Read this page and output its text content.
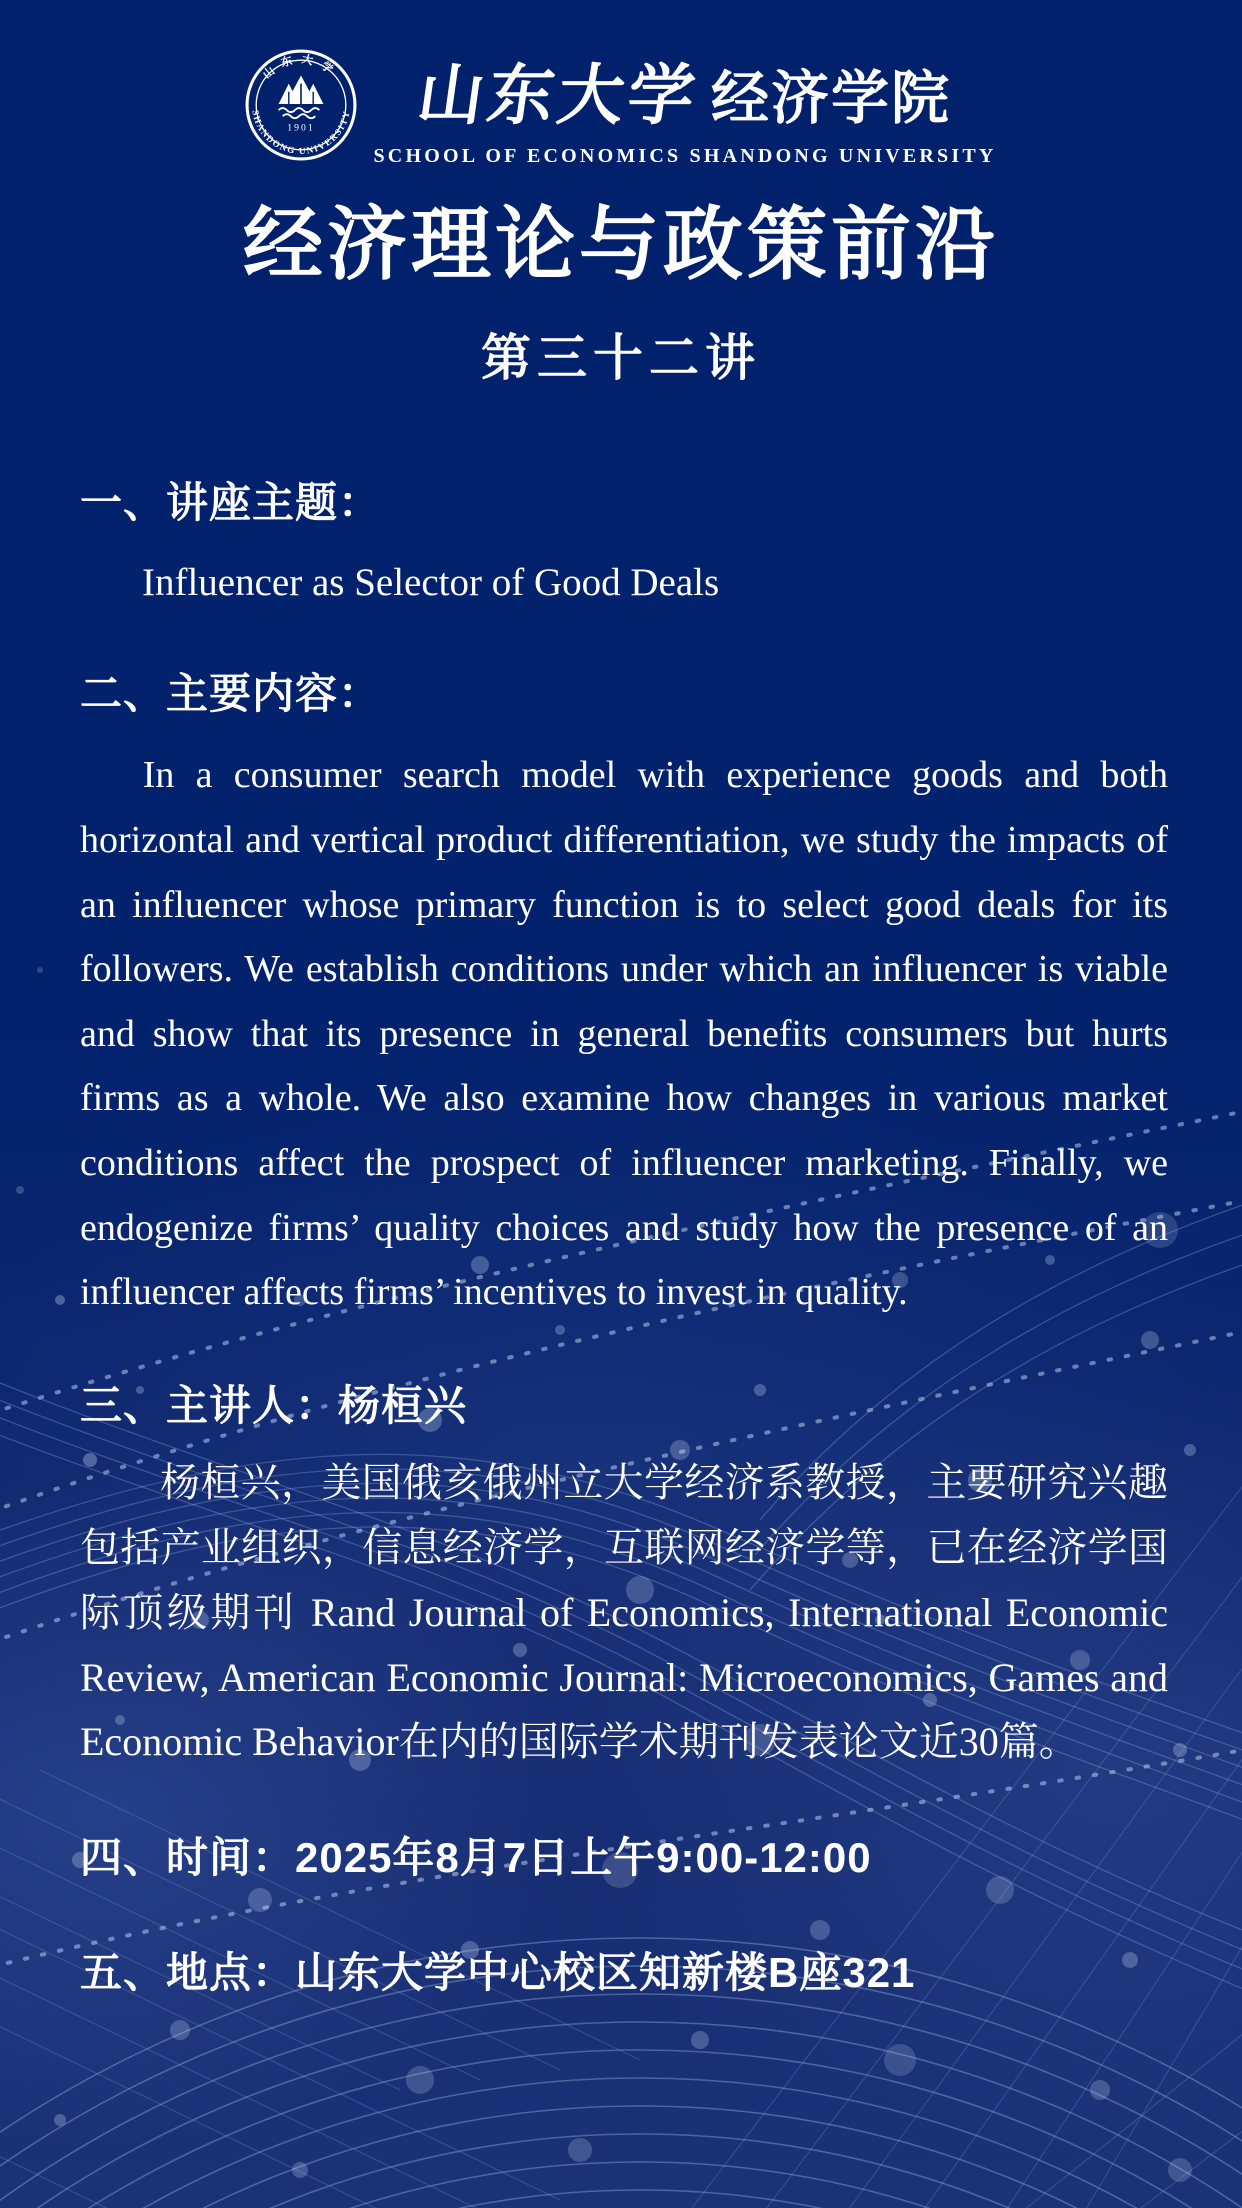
SHANDONG UNIVERSITY
山东大学
1901 山东大学 经济学院
SCHOOL OF ECONOMICS SHANDONG UNIVERSITY
经济理论与政策前沿
第三十二讲
一、讲座主题：
Influencer as Selector of Good Deals
二、主要内容：
In a consumer search model with experience goods and both horizontal and vertical product differentiation, we study the impacts of an influencer whose primary function is to select good deals for its followers. We establish conditions under which an influencer is viable and show that its presence in general benefits consumers but hurts firms as a whole. We also examine how changes in various market conditions affect the prospect of influencer marketing. Finally, we endogenize firms’ quality choices and study how the presence of an influencer affects firms’ incentives to invest in quality.
三、主讲人：杨桓兴
杨桓兴，美国俄亥俄州立大学经济系教授，主要研究兴趣包括产业组织，信息经济学，互联网经济学等，已在经济学国际顶级期刊 Rand Journal of Economics, International Economic Review, American Economic Journal: Microeconomics, Games and Economic Behavior在内的国际学术期刊发表论文近30篇。
四、时间：2025年8月7日上午9:00-12:00
五、地点：山东大学中心校区知新楼B座321
